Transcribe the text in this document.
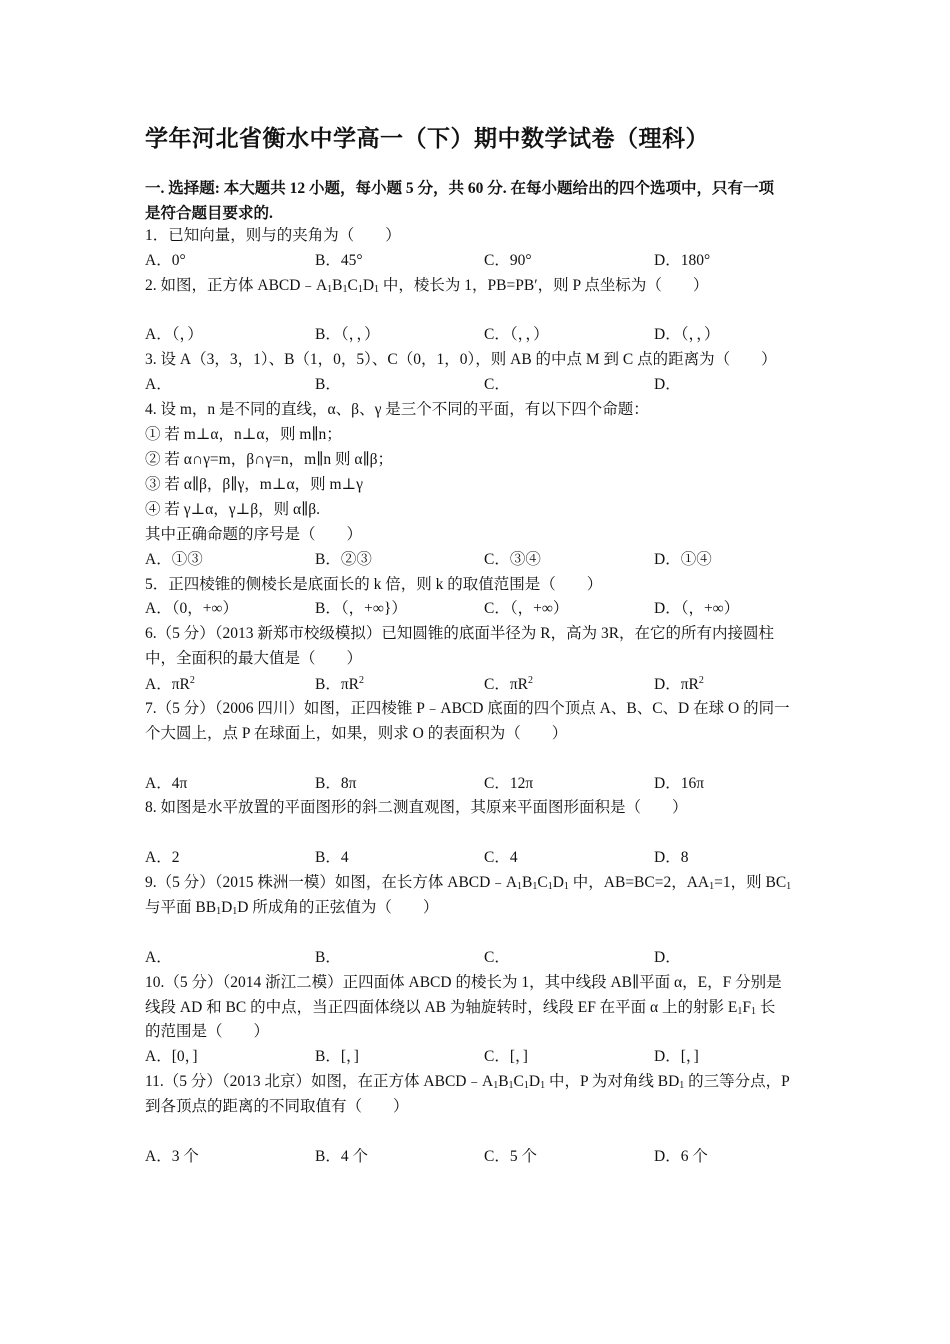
学年河北省衡水中学高一（下）期中数学试卷（理科）
一. 选择题: 本大题共 12 小题，每小题 5 分，共 60 分. 在每小题给出的四个选项中，只有一项
是符合题目要求的.
1．已知向量，则与的夹角为（　　）
A．0°	B．45°	C．90°	D．180°
2. 如图，正方体 $ABCD﹣A_1B_1C_1D_1$ 中，棱长为 1，PB=PB′，则 P 点坐标为（　　）
A．（，）	B．（，，）	C．（，，）	D．（，，）
3. 设 A（3，3，1）、B（1，0，5）、C（0，1，0），则 AB 的中点 M 到 C 点的距离为（　　）
A．	B．	C．	D．
4. 设 m，n 是不同的直线，α、β、γ 是三个不同的平面，有以下四个命题：
① 若 m⊥α，n⊥α，则 m∥n；
② 若 α∩γ=m，β∩γ=n，m∥n 则 α∥β；
③ 若 α∥β，β∥γ，m⊥α，则 m⊥γ
④ 若 γ⊥α，γ⊥β，则 α∥β.
其中正确命题的序号是（　　）
A．①③	B．②③	C．③④	D．①④
5．正四棱锥的侧棱长是底面长的 k 倍，则 k 的取值范围是（　　）
A．（0，+∞）	B．（，+∞}）	C．（，+∞）	D．（，+∞）
6.（5 分）（2013 新郑市校级模拟）已知圆锥的底面半径为 R，高为 3R，在它的所有内接圆柱
中，全面积的最大值是（　　）
A．$\pi R^2$	B．$\pi R^2$	C．$\pi R^2$	D．$\pi R^2$
7.（5 分）（2006 四川）如图，正四棱锥 P﹣ABCD 底面的四个顶点 A、B、C、D 在球 O 的同一
个大圆上，点 P 在球面上，如果，则求 O 的表面积为（　　）
A．4π	B．8π	C．12π	D．16π
8. 如图是水平放置的平面图形的斜二测直观图，其原来平面图形面积是（　　）
A．2	B．4	C．4	D．8
9.（5 分）（2015 株洲一模）如图，在长方体 $ABCD﹣A_1B_1C_1D_1$ 中，AB=BC=2，$AA_1=1$，则 $BC_1$
与平面 $BB_1D_1D$ 所成角的正弦值为（　　）
A．	B．	C．	D．
10.（5 分）（2014 浙江二模）正四面体 ABCD 的棱长为 1，其中线段 AB∥平面 α，E，F 分别是
线段 AD 和 BC 的中点，当正四面体绕以 AB 为轴旋转时，线段 EF 在平面 α 上的射影 $E_1F_1$ 长
的范围是（　　）
A．[0，]	B．[，]	C．[，]	D．[，]
11.（5 分）（2013 北京）如图，在正方体 $ABCD﹣A_1B_1C_1D_1$ 中，P 为对角线 $BD_1$ 的三等分点，P
到各顶点的距离的不同取值有（　　）
A．3 个	B．4 个	C．5 个	D．6 个
